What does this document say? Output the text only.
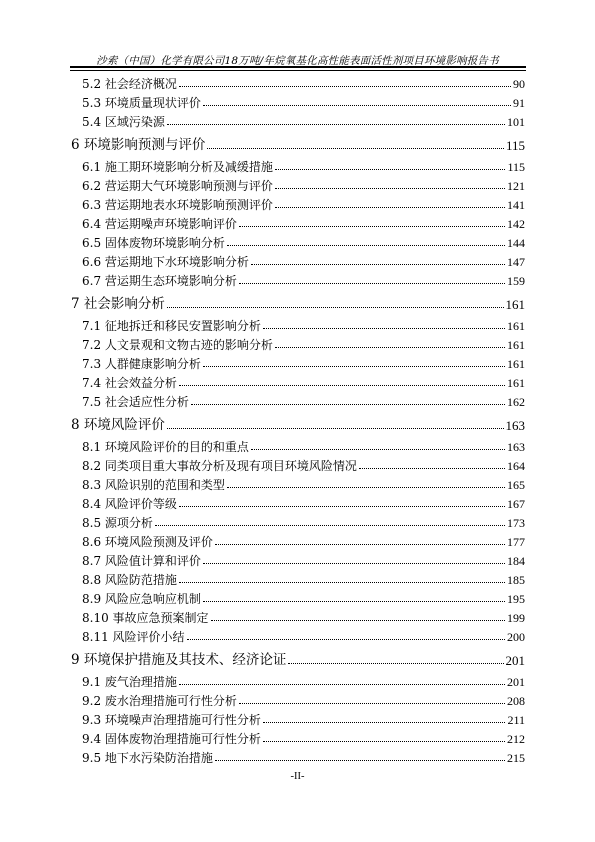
沙索（中国）化学有限公司18万吨/年烷氧基化高性能表面活性剂项目环境影响报告书
5.2 社会经济概况	90
5.3 环境质量现状评价	91
5.4 区域污染源	101
6 环境影响预测与评价	115
6.1 施工期环境影响分析及减缓措施	115
6.2 营运期大气环境影响预测与评价	121
6.3 营运期地表水环境影响预测评价	141
6.4 营运期噪声环境影响评价	142
6.5 固体废物环境影响分析	144
6.6 营运期地下水环境影响分析	147
6.7 营运期生态环境影响分析	159
7 社会影响分析	161
7.1 征地拆迁和移民安置影响分析	161
7.2 人文景观和文物古迹的影响分析	161
7.3 人群健康影响分析	161
7.4 社会效益分析	161
7.5 社会适应性分析	162
8 环境风险评价	163
8.1 环境风险评价的目的和重点	163
8.2 同类项目重大事故分析及现有项目环境风险情况	164
8.3 风险识别的范围和类型	165
8.4 风险评价等级	167
8.5 源项分析	173
8.6 环境风险预测及评价	177
8.7 风险值计算和评价	184
8.8 风险防范措施	185
8.9 风险应急响应机制	195
8.10 事故应急预案制定	199
8.11 风险评价小结	200
9 环境保护措施及其技术、经济论证	201
9.1 废气治理措施	201
9.2 废水治理措施可行性分析	208
9.3 环境噪声治理措施可行性分析	211
9.4 固体废物治理措施可行性分析	212
9.5 地下水污染防治措施	215
-II-
